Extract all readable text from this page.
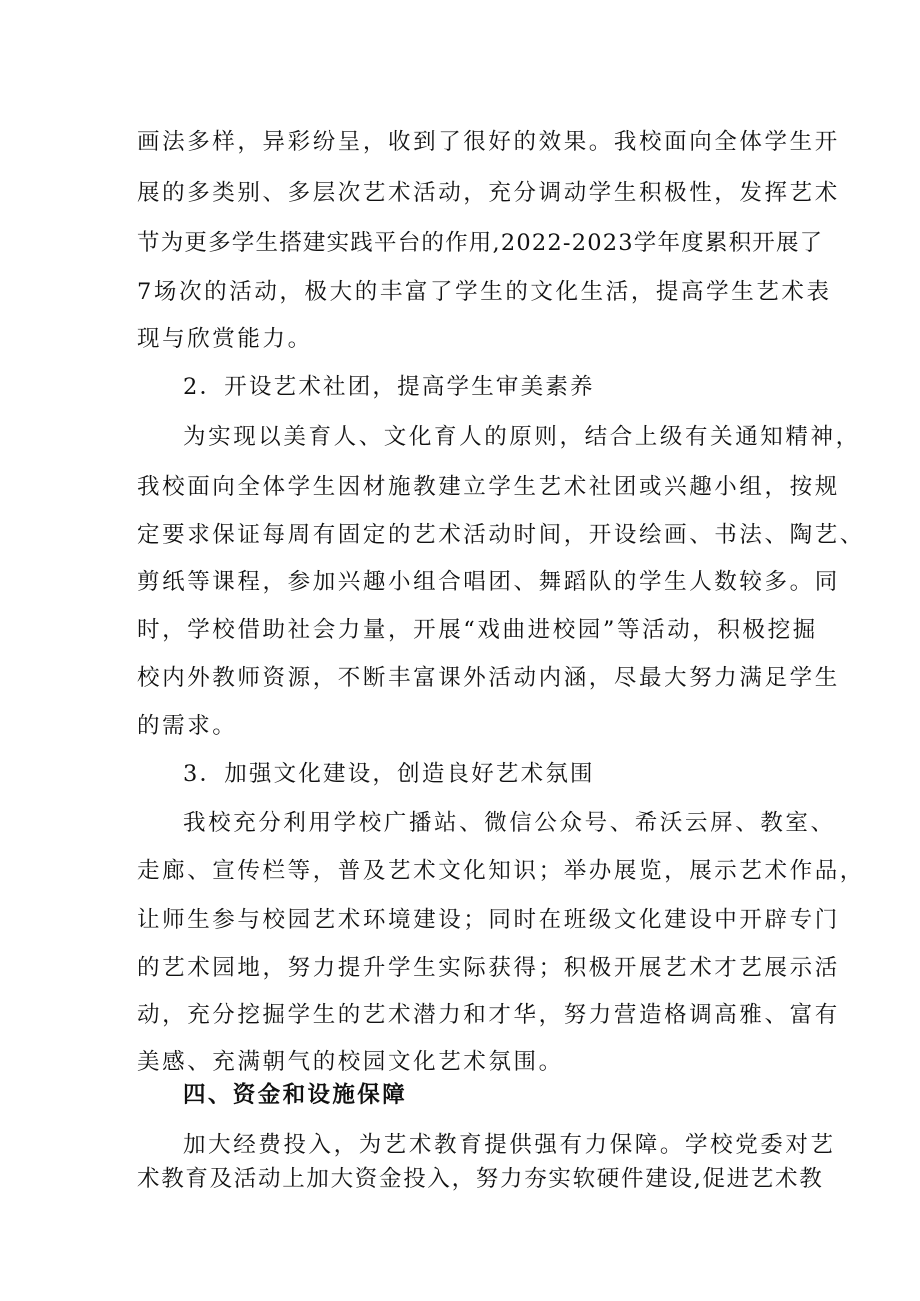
画法多样，异彩纷呈，收到了很好的效果。我校面向全体学生开
展的多类别、多层次艺术活动，充分调动学生积极性，发挥艺术
节为更多学生搭建实践平台的作用,2022-2023学年度累积开展了
7场次的活动，极大的丰富了学生的文化生活，提高学生艺术表
现与欣赏能力。
2．开设艺术社团，提高学生审美素养
为实现以美育人、文化育人的原则，结合上级有关通知精神，
我校面向全体学生因材施教建立学生艺术社团或兴趣小组，按规
定要求保证每周有固定的艺术活动时间，开设绘画、书法、陶艺、
剪纸等课程，参加兴趣小组合唱团、舞蹈队的学生人数较多。同
时，学校借助社会力量，开展“戏曲进校园”等活动，积极挖掘
校内外教师资源，不断丰富课外活动内涵，尽最大努力满足学生
的需求。
3．加强文化建设，创造良好艺术氛围
我校充分利用学校广播站、微信公众号、希沃云屏、教室、
走廊、宣传栏等，普及艺术文化知识；举办展览，展示艺术作品，
让师生参与校园艺术环境建设；同时在班级文化建设中开辟专门
的艺术园地，努力提升学生实际获得；积极开展艺术才艺展示活
动，充分挖掘学生的艺术潜力和才华，努力营造格调高雅、富有
美感、充满朝气的校园文化艺术氛围。
四、资金和设施保障
加大经费投入，为艺术教育提供强有力保障。学校党委对艺
术教育及活动上加大资金投入，努力夯实软硬件建设,促进艺术教
